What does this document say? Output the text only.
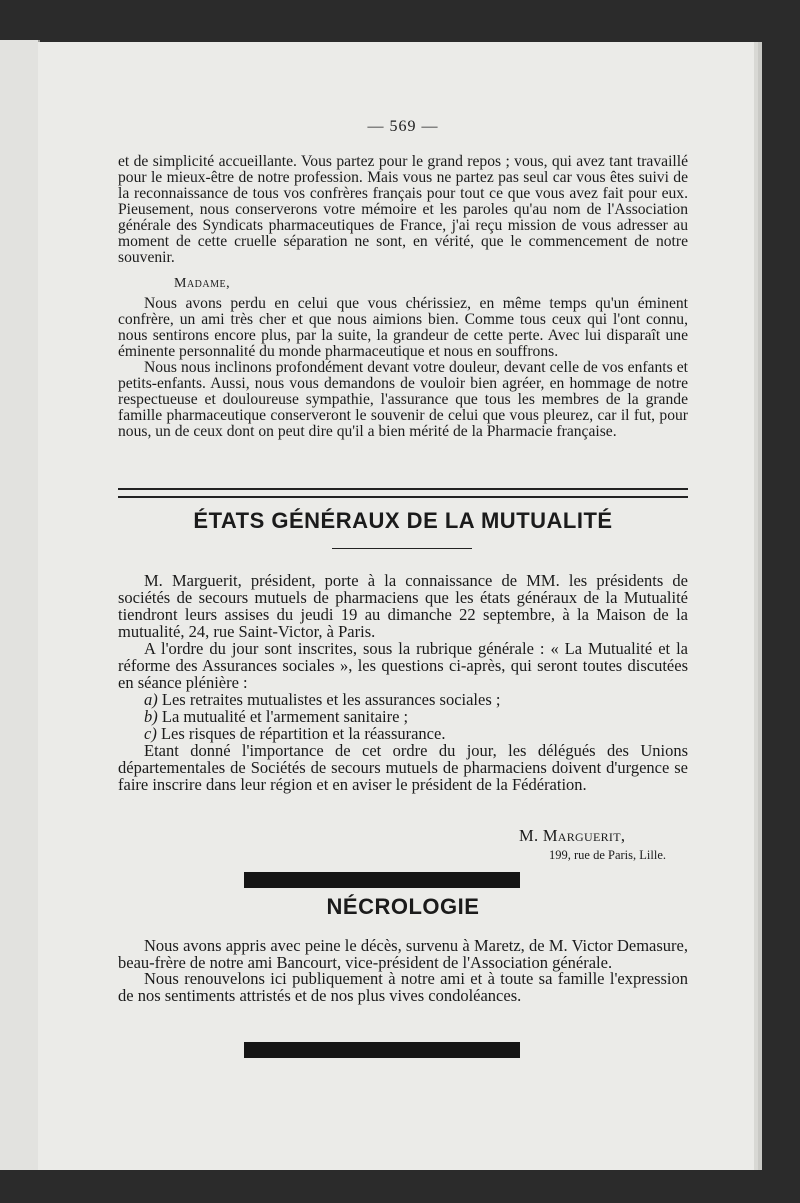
— 569 —

et de simplicité accueillante. Vous partez pour le grand repos ; vous, qui avez tant travaillé pour le mieux-être de notre profession. Mais vous ne partez pas seul car vous êtes suivi de la reconnaissance de tous vos confrères français pour tout ce que vous avez fait pour eux. Pieusement, nous conserverons votre mémoire et les paroles qu'au nom de l'Association générale des Syndicats pharmaceutiques de France, j'ai reçu mission de vous adresser au moment de cette cruelle séparation ne sont, en vérité, que le commencement de notre souvenir.

Madame,

Nous avons perdu en celui que vous chérissiez, en même temps qu'un éminent confrère, un ami très cher et que nous aimions bien. Comme tous ceux qui l'ont connu, nous sentirons encore plus, par la suite, la grandeur de cette perte. Avec lui disparaît une éminente personnalité du monde pharmaceutique et nous en souffrons.

Nous nous inclinons profondément devant votre douleur, devant celle de vos enfants et petits-enfants. Aussi, nous vous demandons de vouloir bien agréer, en hommage de notre respectueuse et douloureuse sympathie, l'assurance que tous les membres de la grande famille pharmaceutique conserveront le souvenir de celui que vous pleurez, car il fut, pour nous, un de ceux dont on peut dire qu'il a bien mérité de la Pharmacie française.

ÉTATS GÉNÉRAUX DE LA MUTUALITÉ

M. Marguerit, président, porte à la connaissance de MM. les présidents de sociétés de secours mutuels de pharmaciens que les états généraux de la Mutualité tiendront leurs assises du jeudi 19 au dimanche 22 septembre, à la Maison de la mutualité, 24, rue Saint-Victor, à Paris.

A l'ordre du jour sont inscrites, sous la rubrique générale : « La Mutualité et la réforme des Assurances sociales », les questions ci-après, qui seront toutes discutées en séance plénière :

a) Les retraites mutualistes et les assurances sociales ;
b) La mutualité et l'armement sanitaire ;
c) Les risques de répartition et la réassurance.

Etant donné l'importance de cet ordre du jour, les délégués des Unions départementales de Sociétés de secours mutuels de pharmaciens doivent d'urgence se faire inscrire dans leur région et en aviser le président de la Fédération.

M. Marguerit,
199, rue de Paris, Lille.
NÉCROLOGIE

Nous avons appris avec peine le décès, survenu à Maretz, de M. Victor Demasure, beau-frère de notre ami Bancourt, vice-président de l'Association générale.

Nous renouvelons ici publiquement à notre ami et à toute sa famille l'expression de nos sentiments attristés et de nos plus vives condoléances.
